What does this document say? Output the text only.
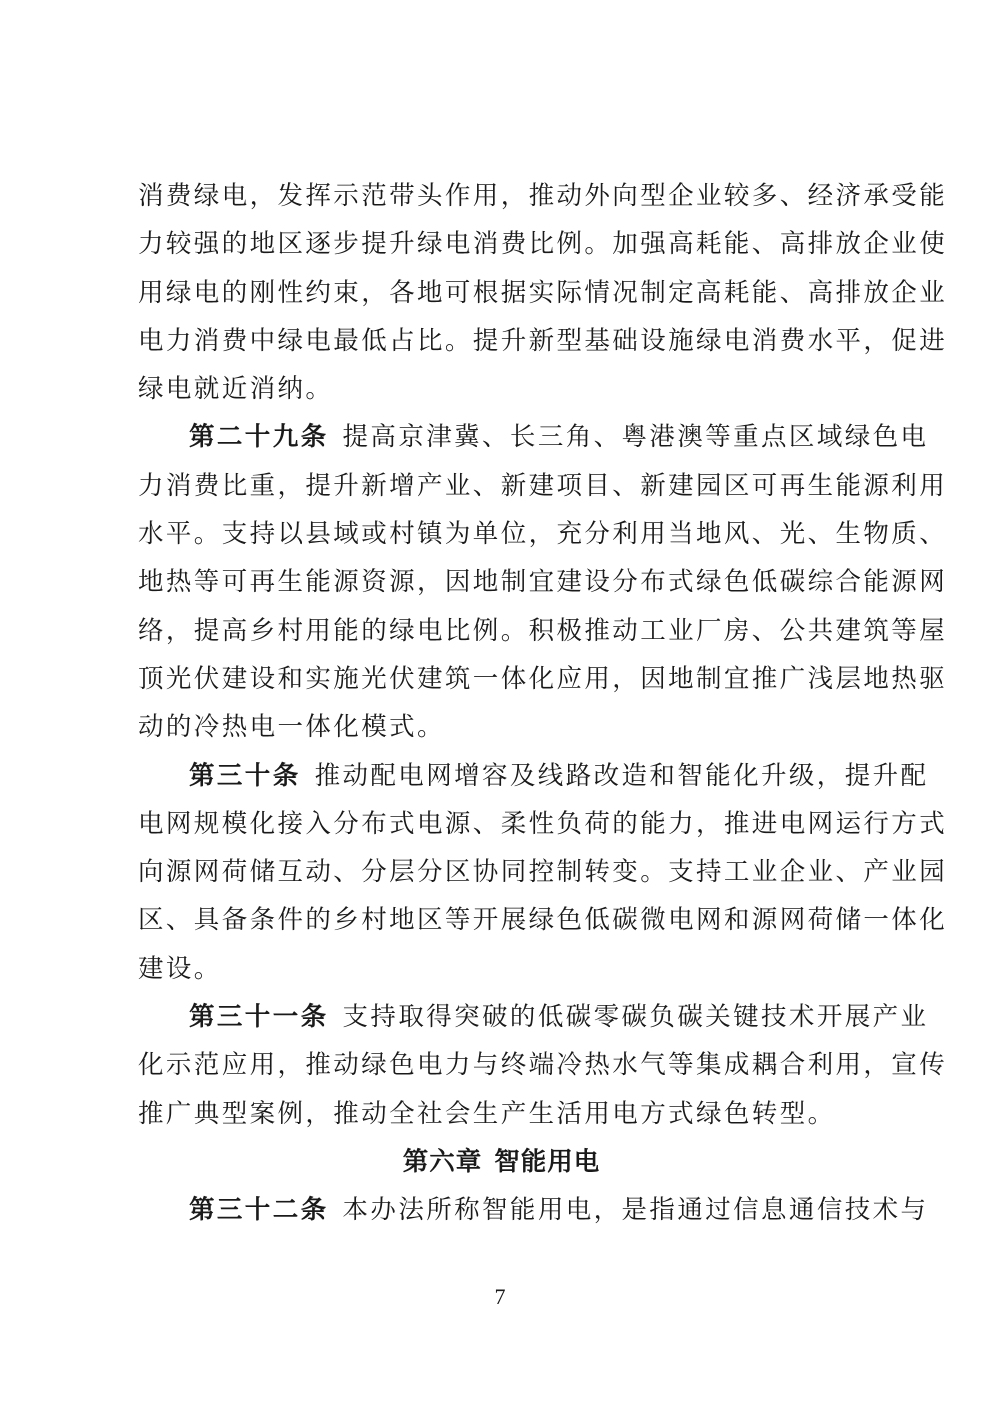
消费绿电，发挥示范带头作用，推动外向型企业较多、经济承受能
力较强的地区逐步提升绿电消费比例。加强高耗能、高排放企业使
用绿电的刚性约束，各地可根据实际情况制定高耗能、高排放企业
电力消费中绿电最低占比。提升新型基础设施绿电消费水平，促进
绿电就近消纳。
第二十九条 提高京津冀、长三角、粤港澳等重点区域绿色电
力消费比重，提升新增产业、新建项目、新建园区可再生能源利用
水平。支持以县域或村镇为单位，充分利用当地风、光、生物质、
地热等可再生能源资源，因地制宜建设分布式绿色低碳综合能源网
络，提高乡村用能的绿电比例。积极推动工业厂房、公共建筑等屋
顶光伏建设和实施光伏建筑一体化应用，因地制宜推广浅层地热驱
动的冷热电一体化模式。
第三十条 推动配电网增容及线路改造和智能化升级，提升配
电网规模化接入分布式电源、柔性负荷的能力，推进电网运行方式
向源网荷储互动、分层分区协同控制转变。支持工业企业、产业园
区、具备条件的乡村地区等开展绿色低碳微电网和源网荷储一体化
建设。
第三十一条 支持取得突破的低碳零碳负碳关键技术开展产业
化示范应用，推动绿色电力与终端冷热水气等集成耦合利用，宣传
推广典型案例，推动全社会生产生活用电方式绿色转型。
第六章 智能用电
第三十二条 本办法所称智能用电，是指通过信息通信技术与
7
